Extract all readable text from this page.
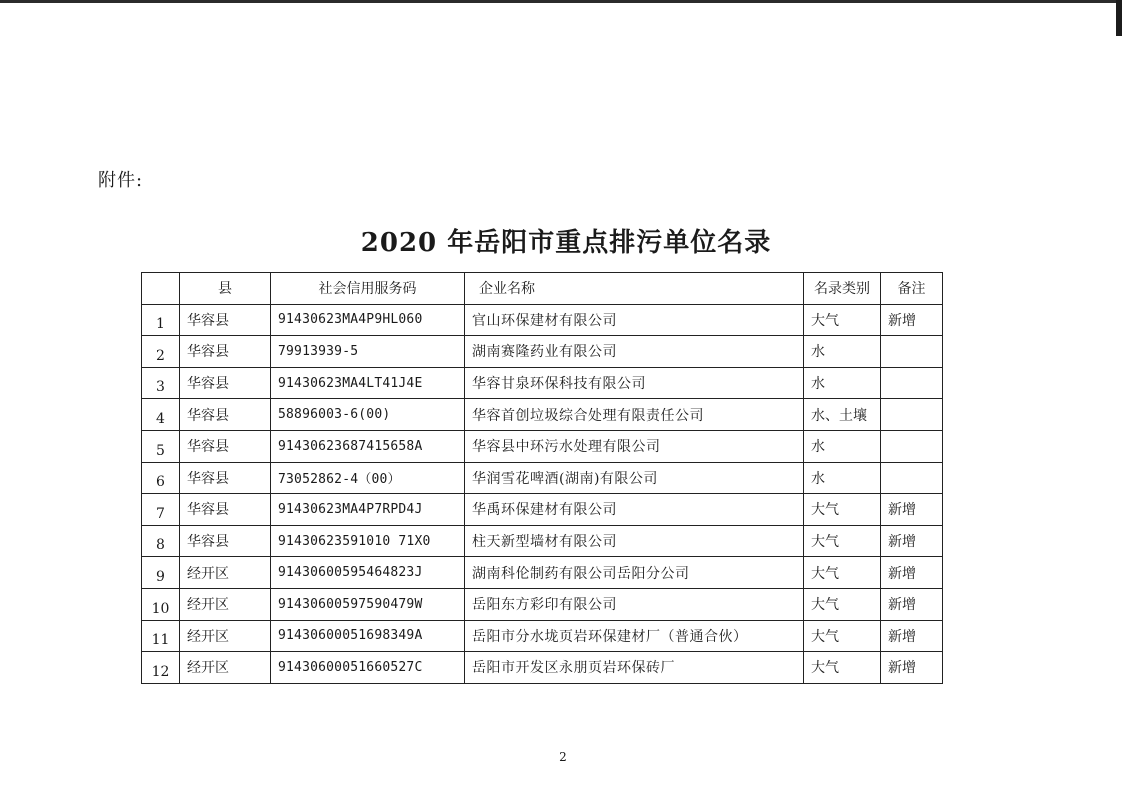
附件:
2020 年岳阳市重点排污单位名录
	县	社会信用服务码	企业名称	名录类别	备注
1	华容县	91430623MA4P9HL060	官山环保建材有限公司	大气	新增
2	华容县	79913939-5	湖南赛隆药业有限公司	水	
3	华容县	91430623MA4LT41J4E	华容甘泉环保科技有限公司	水	
4	华容县	58896003-6(00)	华容首创垃圾综合处理有限责任公司	水、土壤	
5	华容县	91430623687415658A	华容县中环污水处理有限公司	水	
6	华容县	73052862-4（00）	华润雪花啤酒(湖南)有限公司	水	
7	华容县	91430623MA4P7RPD4J	华禹环保建材有限公司	大气	新增
8	华容县	91430623591010 71X0	柱天新型墙材有限公司	大气	新增
9	经开区	91430600595464823J	湖南科伦制药有限公司岳阳分公司	大气	新增
10	经开区	91430600597590479W	岳阳东方彩印有限公司	大气	新增
11	经开区	91430600051698349A	岳阳市分水垅页岩环保建材厂（普通合伙）	大气	新增
12	经开区	91430600051660527C	岳阳市开发区永朋页岩环保砖厂	大气	新增
2
